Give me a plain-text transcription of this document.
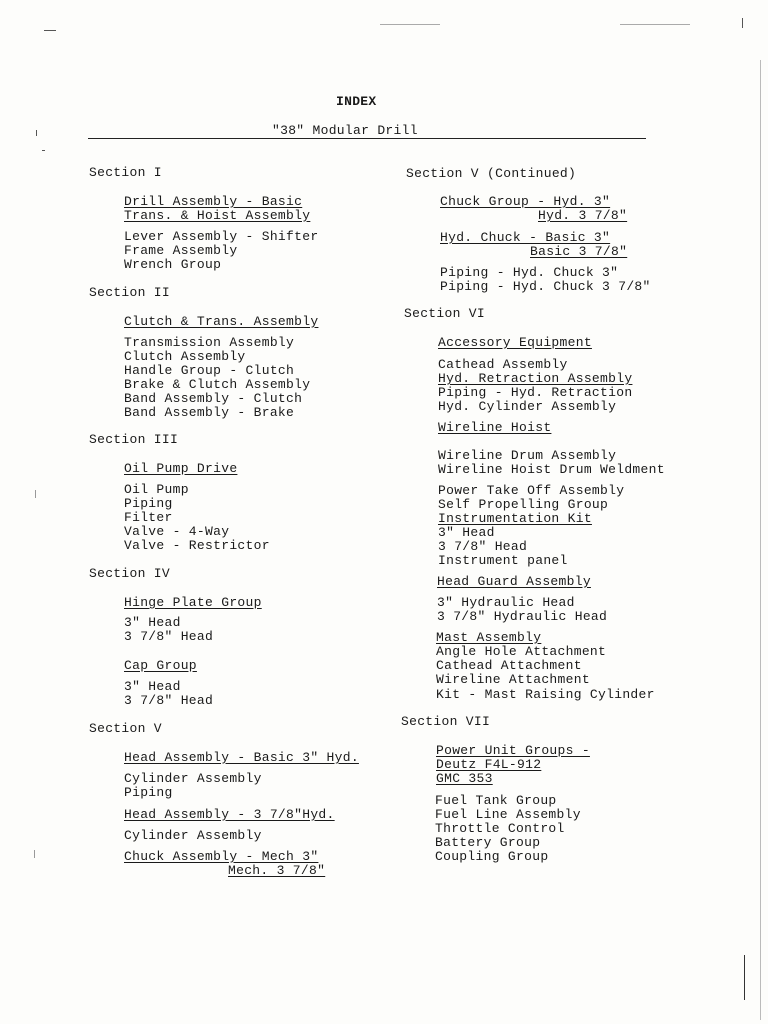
INDEX
"38" Modular Drill
Section I
Drill Assembly - Basic
Trans. & Hoist Assembly
Lever Assembly - Shifter
Frame Assembly
Wrench Group
Section II
Clutch & Trans. Assembly
Transmission Assembly
Clutch Assembly
Handle Group - Clutch
Brake & Clutch Assembly
Band Assembly - Clutch
Band Assembly - Brake
Section III
Oil Pump Drive
Oil Pump
Piping
Filter
Valve - 4-Way
Valve - Restrictor
Section IV
Hinge Plate Group
3" Head
3 7/8" Head
Cap Group
3" Head
3 7/8" Head
Section V
Head Assembly - Basic 3" Hyd.
Cylinder Assembly
Piping
Head Assembly - 3 7/8"Hyd.
Cylinder Assembly
Chuck Assembly - Mech 3"
Mech. 3 7/8"
Section V (Continued)
Chuck Group - Hyd. 3"
Hyd. 3 7/8"
Hyd. Chuck - Basic 3"
Basic 3 7/8"
Piping - Hyd. Chuck 3"
Piping - Hyd. Chuck 3 7/8"
Section VI
Accessory Equipment
Cathead Assembly
Hyd. Retraction Assembly
Piping - Hyd. Retraction
Hyd. Cylinder Assembly
Wireline Hoist
Wireline Drum Assembly
Wireline Hoist Drum Weldment
Power Take Off Assembly
Self Propelling Group
Instrumentation Kit
3" Head
3 7/8" Head
Instrument panel
Head Guard Assembly
3" Hydraulic Head
3 7/8" Hydraulic Head
Mast Assembly
Angle Hole Attachment
Cathead Attachment
Wireline Attachment
Kit - Mast Raising Cylinder
Section VII
Power Unit Groups -
Deutz F4L-912
GMC 353
Fuel Tank Group
Fuel Line Assembly
Throttle Control
Battery Group
Coupling Group
